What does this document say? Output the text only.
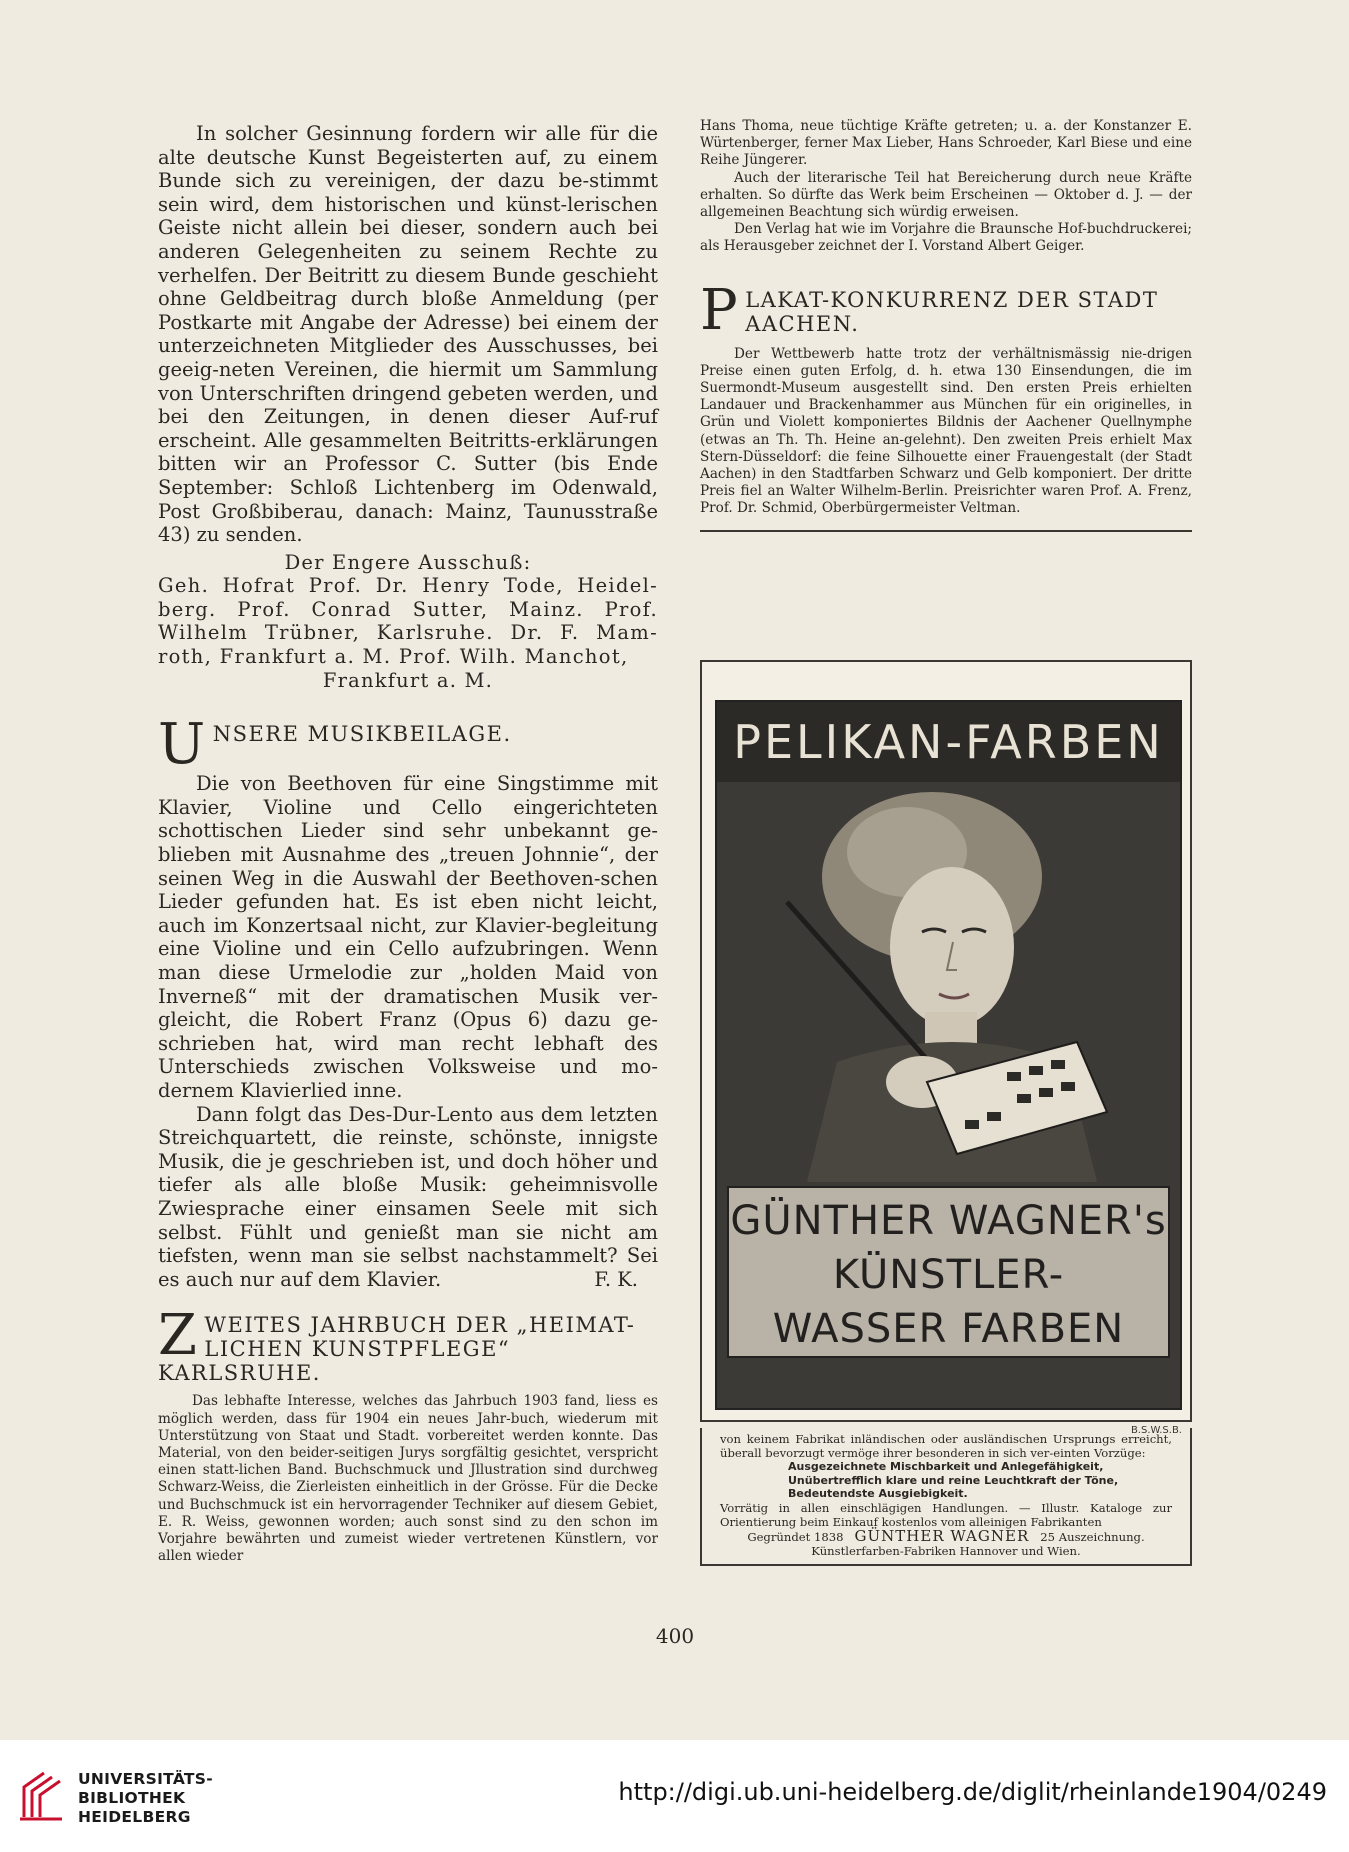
In solcher Gesinnung fordern wir alle für die alte deutsche Kunst Begeisterten auf, zu einem Bunde sich zu vereinigen, der dazu be-stimmt sein wird, dem historischen und künst-lerischen Geiste nicht allein bei dieser, sondern auch bei anderen Gelegenheiten zu seinem Rechte zu verhelfen. Der Beitritt zu diesem Bunde geschieht ohne Geldbeitrag durch bloße Anmeldung (per Postkarte mit Angabe der Adresse) bei einem der unterzeichneten Mitglieder des Ausschusses, bei geeig-neten Vereinen, die hiermit um Sammlung von Unterschriften dringend gebeten werden, und bei den Zeitungen, in denen dieser Auf-ruf erscheint. Alle gesammelten Beitritts-erklärungen bitten wir an Professor C. Sutter (bis Ende September: Schloß Lichtenberg im Odenwald, Post Großbiberau, danach: Mainz, Taunusstraße 43) zu senden.

Der Engere Ausschuß:

Geh. Hofrat Prof. Dr. Henry Tode, Heidel-berg. Prof. Conrad Sutter, Mainz. Prof. Wilhelm Trübner, Karlsruhe. Dr. F. Mam-roth, Frankfurt a. M. Prof. Wilh. Manchot,

Frankfurt a. M.
U NSERE MUSIKBEILAGE.

Die von Beethoven für eine Singstimme mit Klavier, Violine und Cello eingerichteten schottischen Lieder sind sehr unbekannt ge-blieben mit Ausnahme des „treuen Johnnie“, der seinen Weg in die Auswahl der Beethoven-schen Lieder gefunden hat. Es ist eben nicht leicht, auch im Konzertsaal nicht, zur Klavier-begleitung eine Violine und ein Cello aufzubringen. Wenn man diese Urmelodie zur „holden Maid von Inverneß“ mit der dramatischen Musik ver-gleicht, die Robert Franz (Opus 6) dazu ge-schrieben hat, wird man recht lebhaft des Unterschieds zwischen Volksweise und mo-dernem Klavierlied inne.

Dann folgt das Des-Dur-Lento aus dem letzten Streichquartett, die reinste, schönste, innigste Musik, die je geschrieben ist, und doch höher und tiefer als alle bloße Musik: geheimnisvolle Zwiesprache einer einsamen Seele mit sich selbst. Fühlt und genießt man sie nicht am tiefsten, wenn man sie selbst nachstammelt? Sei es auch nur auf dem Klavier.	F. K.
Z WEITES JAHRBUCH DER „HEIMAT-
LICHEN KUNSTPFLEGE“ KARLSRUHE.

Das lebhafte Interesse, welches das Jahrbuch 1903 fand, liess es möglich werden, dass für 1904 ein neues Jahr-buch, wiederum mit Unterstützung von Staat und Stadt. vorbereitet werden konnte. Das Material, von den beider-seitigen Jurys sorgfältig gesichtet, verspricht einen statt-lichen Band. Buchschmuck und Jllustration sind durchweg Schwarz-Weiss, die Zierleisten einheitlich in der Grösse. Für die Decke und Buchschmuck ist ein hervorragender Techniker auf diesem Gebiet, E. R. Weiss, gewonnen worden; auch sonst sind zu den schon im Vorjahre bewährten und zumeist wieder vertretenen Künstlern, vor allen wieder

Hans Thoma, neue tüchtige Kräfte getreten; u. a. der Konstanzer E. Würtenberger, ferner Max Lieber, Hans Schroeder, Karl Biese und eine Reihe Jüngerer.

Auch der literarische Teil hat Bereicherung durch neue Kräfte erhalten. So dürfte das Werk beim Erscheinen — Oktober d. J. — der allgemeinen Beachtung sich würdig erweisen.

Den Verlag hat wie im Vorjahre die Braunsche Hof-buchdruckerei; als Herausgeber zeichnet der I. Vorstand Albert Geiger.

P LAKAT-KONKURRENZ DER STADT
AACHEN.

Der Wettbewerb hatte trotz der verhältnismässig nie-drigen Preise einen guten Erfolg, d. h. etwa 130 Einsendungen, die im Suermondt-Museum ausgestellt sind. Den ersten Preis erhielten Landauer und Brackenhammer aus München für ein originelles, in Grün und Violett komponiertes Bildnis der Aachener Quellnymphe (etwas an Th. Th. Heine an-gelehnt). Den zweiten Preis erhielt Max Stern-Düsseldorf: die feine Silhouette einer Frauengestalt (der Stadt Aachen) in den Stadtfarben Schwarz und Gelb komponiert. Der dritte Preis fiel an Walter Wilhelm-Berlin. Preisrichter waren Prof. A. Frenz, Prof. Dr. Schmid, Oberbürgermeister Veltman.

PELIKAN-FARBEN
GÜNTHER WAGNER's
KÜNSTLER-
WASSER FARBEN
B.S.W.S.B.

von keinem Fabrikat inländischen oder ausländischen Ursprungs erreicht, überall bevorzugt vermöge ihrer besonderen in sich ver-einten Vorzüge:

Ausgezeichnete Mischbarkeit und Anlegefähigkeit,

Unübertrefflich klare und reine Leuchtkraft der Töne,

Bedeutendste Ausgiebigkeit.

Vorrätig in allen einschlägigen Handlungen. — Illustr. Kataloge zur Orientierung beim Einkauf kostenlos vom alleinigen Fabrikanten

Gegründet 1838 GÜNTHER WAGNER 25 Auszeichnung.

Künstlerfarben-Fabriken Hannover und Wien.

400
UNIVERSITÄTS-
BIBLIOTHEK
HEIDELBERG
http://digi.ub.uni-heidelberg.de/diglit/rheinlande1904/0249
